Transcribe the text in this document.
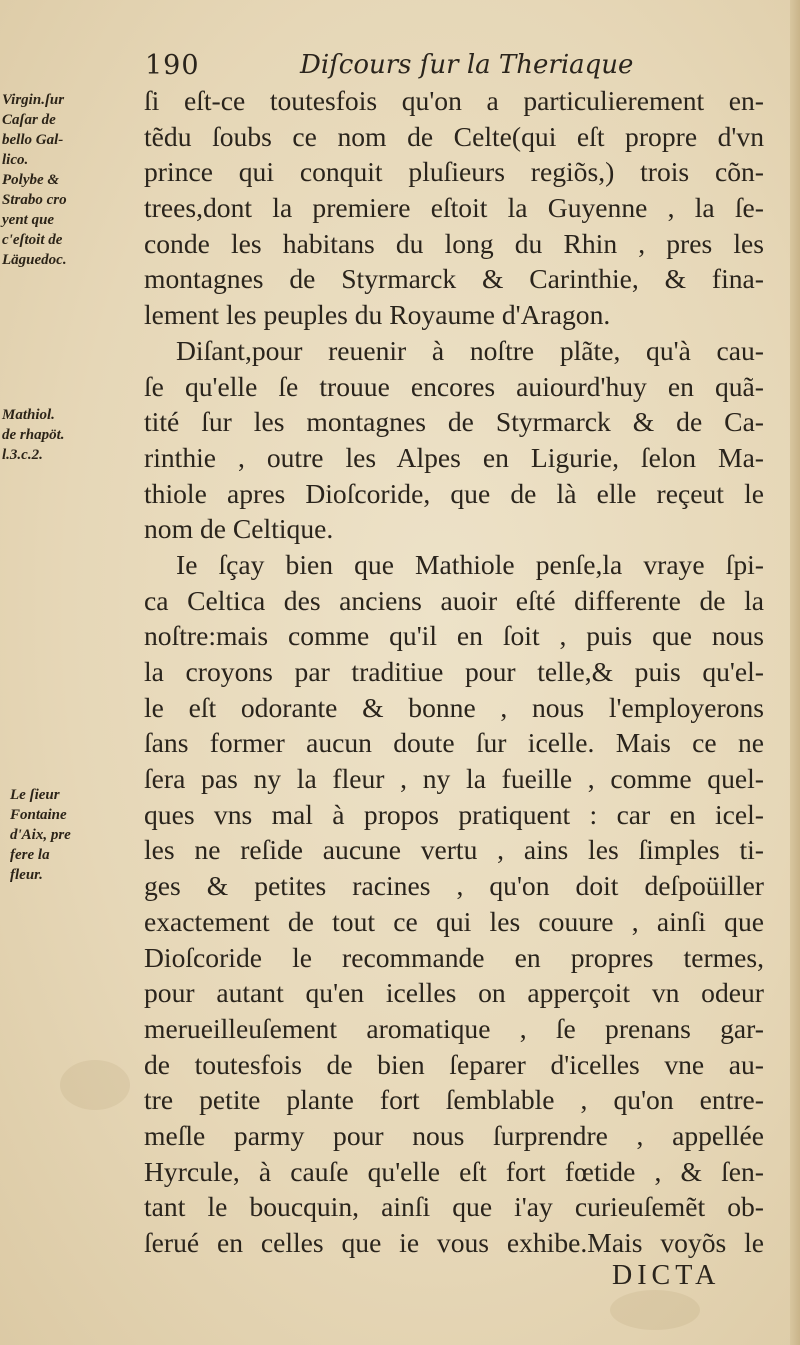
190	Diſcours ſur la Theriaque
Virgin.ſur
Caſar de
bello Gal-
lico.
Polybe &
Strabo cro
yent que
c'eſtoit de
Läguedoc.
Mathiol.
de rhapöt.
l.3.c.2.
Le ſieur
Fontaine
d'Aix, pre
fere la
fleur.
ſi eſt-ce toutesfois qu'on a particulierement en-
tẽdu ſoubs ce nom de Celte(qui eſt propre d'vn
prince qui conquit pluſieurs regiõs,) trois cõn-
trees,dont la premiere eſtoit la Guyenne , la ſe-
conde les habitans du long du Rhin , pres les
montagnes de Styrmarck & Carinthie, & fina-
lement les peuples du Royaume d'Aragon.
Diſant,pour reuenir à noſtre plãte, qu'à cau-
ſe qu'elle ſe trouue encores auiourd'huy en quã-
tité ſur les montagnes de Styrmarck & de Ca-
rinthie , outre les Alpes en Ligurie, ſelon Ma-
thiole apres Dioſcoride, que de là elle reçeut le
nom de Celtique.
Ie ſçay bien que Mathiole penſe,la vraye ſpi-
ca Celtica des anciens auoir eſté differente de la
noſtre:mais comme qu'il en ſoit , puis que nous
la croyons par traditiue pour telle,& puis qu'el-
le eſt odorante & bonne , nous l'employerons
ſans former aucun doute ſur icelle. Mais ce ne
ſera pas ny la fleur , ny la fueille , comme quel-
ques vns mal à propos pratiquent : car en icel-
les ne reſide aucune vertu , ains les ſimples ti-
ges & petites racines , qu'on doit deſpoüiller
exactement de tout ce qui les couure , ainſi que
Dioſcoride le recommande en propres termes,
pour autant qu'en icelles on apperçoit vn odeur
merueilleuſement aromatique , ſe prenans gar-
de toutesfois de bien ſeparer d'icelles vne au-
tre petite plante fort ſemblable , qu'on entre-
meſle parmy pour nous ſurprendre , appellée
Hyrcule, à cauſe qu'elle eſt fort fœtide , & ſen-
tant le boucquin, ainſi que i'ay curieuſemẽt ob-
ſerué en celles que ie vous exhibe.Mais voyõs le
DICTA
